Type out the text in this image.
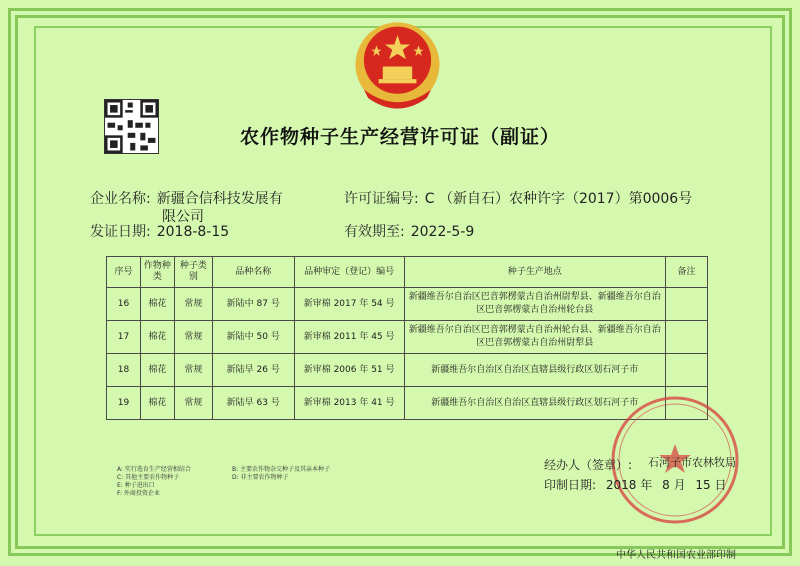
农作物种子生产经营许可证（副证）
企业名称: 新疆合信科技发展有
限公司
许可证编号: C （新自石）农种许字（2017）第0006号
发证日期: 2018-8-15	有效期至: 2022-5-9
序号	作物种类	种子类别	品种名称	品种审定（登记）编号	种子生产地点	备注
16	棉花	常规	新陆中 87 号	新审棉 2017 年 54 号	新疆维吾尔自治区巴音郭楞蒙古自治州尉犁县、新疆维吾尔自治区巴音郭楞蒙古自治州轮台县	
17	棉花	常规	新陆中 50 号	新审棉 2011 年 45 号	新疆维吾尔自治区巴音郭楞蒙古自治州轮台县、新疆维吾尔自治区巴音郭楞蒙古自治州尉犁县	
18	棉花	常规	新陆早 26 号	新审棉 2006 年 51 号	新疆维吾尔自治区自治区直辖县级行政区划石河子市	
19	棉花	常规	新陆早 63 号	新审棉 2013 年 41 号	新疆维吾尔自治区自治区直辖县级行政区划石河子市	
A: 实行选育生产经营相结合	B: 主要农作物杂交种子及其亲本种子
C: 其他主要农作物种子	D: 非主要农作物种子
E: 种子进出口
F: 外商投资企业
经办人（签章）: 石河子市农林牧局
印制日期: 2018 年 8 月 15 日
中华人民共和国农业部印制
